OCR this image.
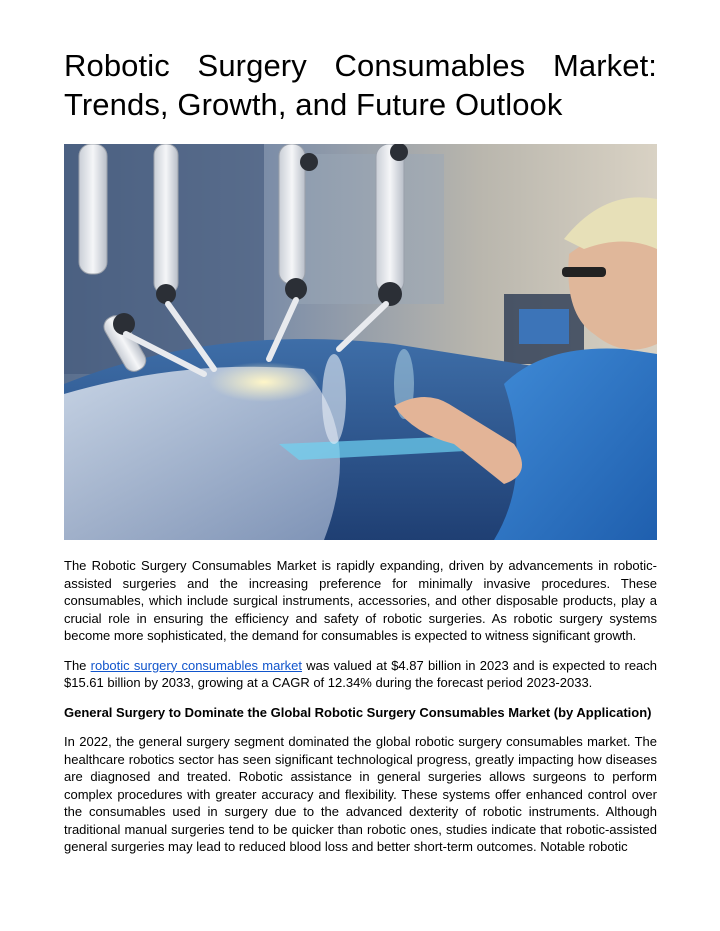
Robotic Surgery Consumables Market: Trends, Growth, and Future Outlook

The Robotic Surgery Consumables Market is rapidly expanding, driven by advancements in robotic-assisted surgeries and the increasing preference for minimally invasive procedures. These consumables, which include surgical instruments, accessories, and other disposable products, play a crucial role in ensuring the efficiency and safety of robotic surgeries. As robotic surgery systems become more sophisticated, the demand for consumables is expected to witness significant growth.

The robotic surgery consumables market was valued at $4.87 billion in 2023 and is expected to reach $15.61 billion by 2033, growing at a CAGR of 12.34% during the forecast period 2023-2033.

General Surgery to Dominate the Global Robotic Surgery Consumables Market (by Application)

In 2022, the general surgery segment dominated the global robotic surgery consumables market. The healthcare robotics sector has seen significant technological progress, greatly impacting how diseases are diagnosed and treated. Robotic assistance in general surgeries allows surgeons to perform complex procedures with greater accuracy and flexibility. These systems offer enhanced control over the consumables used in surgery due to the advanced dexterity of robotic instruments. Although traditional manual surgeries tend to be quicker than robotic ones, studies indicate that robotic-assisted general surgeries may lead to reduced blood loss and better short-term outcomes. Notable robotic
